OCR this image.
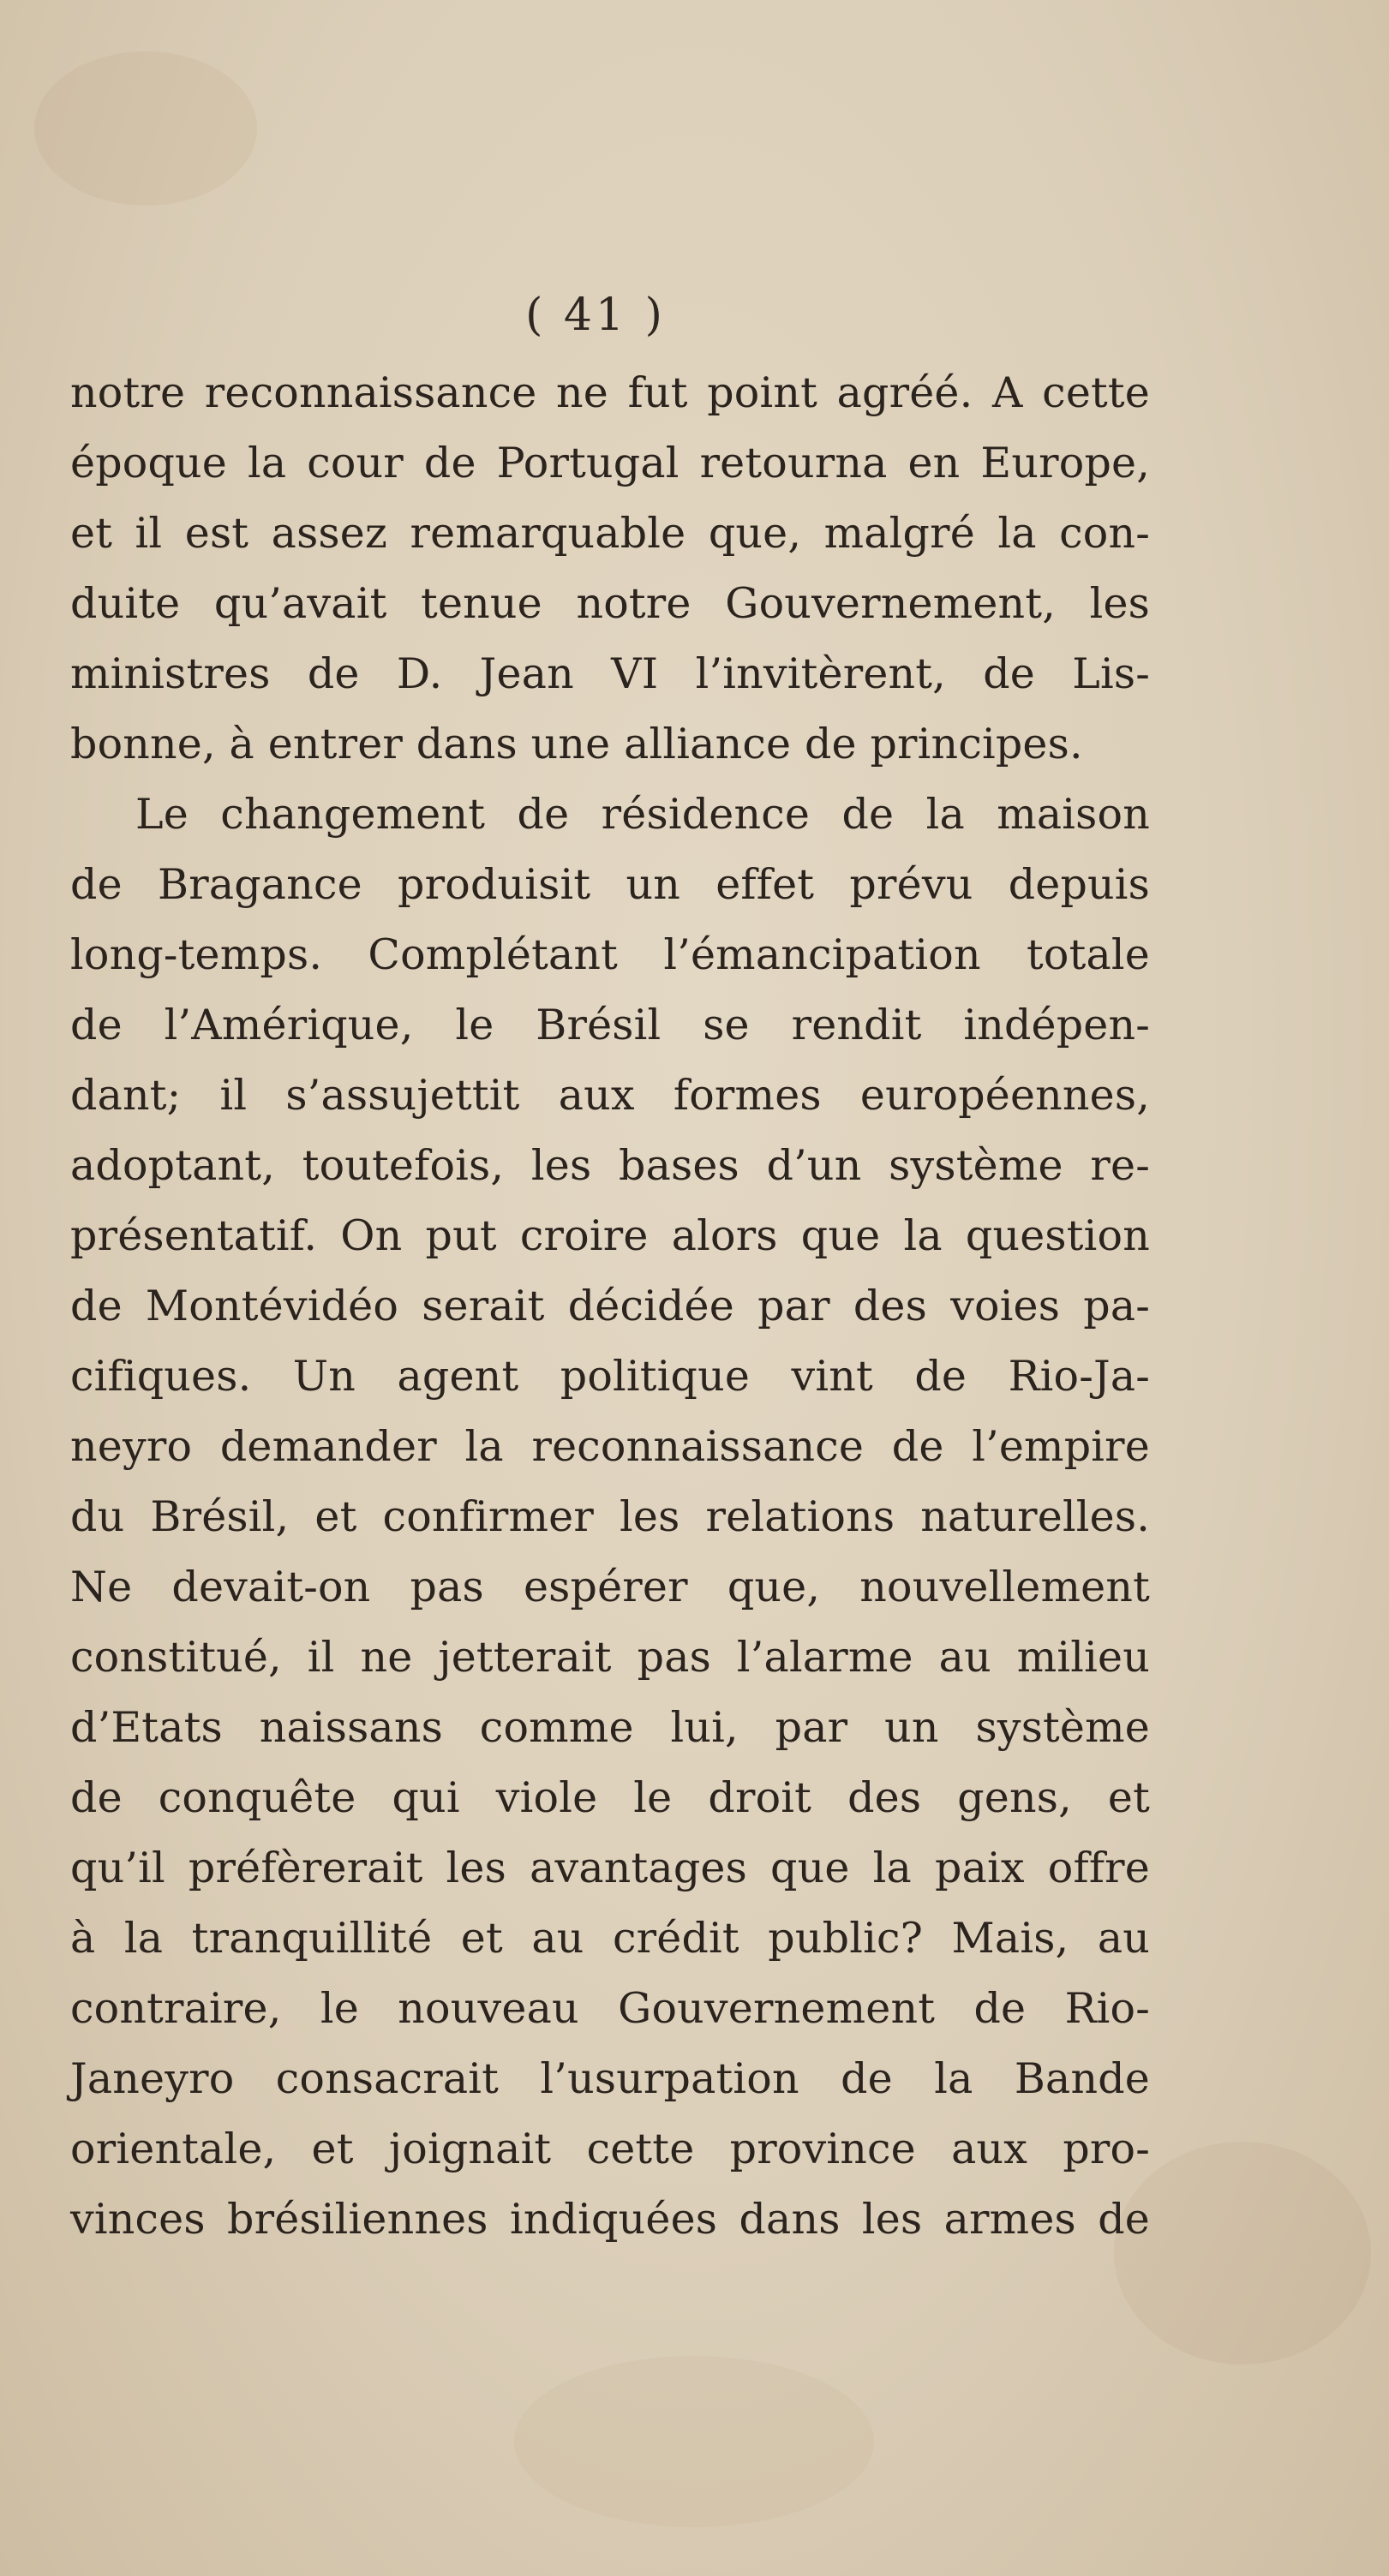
( 41 )
notre reconnaissance ne fut point agréé. A cette
époque la cour de Portugal retourna en Europe,
et il est assez remarquable que, malgré la con-
duite qu’avait tenue notre Gouvernement, les
ministres de D. Jean VI l’invitèrent, de Lis-
bonne, à entrer dans une alliance de principes.
Le changement de résidence de la maison
de Bragance produisit un effet prévu depuis
long-temps. Complétant l’émancipation totale
de l’Amérique, le Brésil se rendit indépen-
dant; il s’assujettit aux formes européennes,
adoptant, toutefois, les bases d’un système re-
présentatif. On put croire alors que la question
de Montévidéo serait décidée par des voies pa-
cifiques. Un agent politique vint de Rio-Ja-
neyro demander la reconnaissance de l’empire
du Brésil, et confirmer les relations naturelles.
Ne devait-on pas espérer que, nouvellement
constitué, il ne jetterait pas l’alarme au milieu
d’Etats naissans comme lui, par un système
de conquête qui viole le droit des gens, et
qu’il préfèrerait les avantages que la paix offre
à la tranquillité et au crédit public? Mais, au
contraire, le nouveau Gouvernement de Rio-
Janeyro consacrait l’usurpation de la Bande
orientale, et joignait cette province aux pro-
vinces brésiliennes indiquées dans les armes de
